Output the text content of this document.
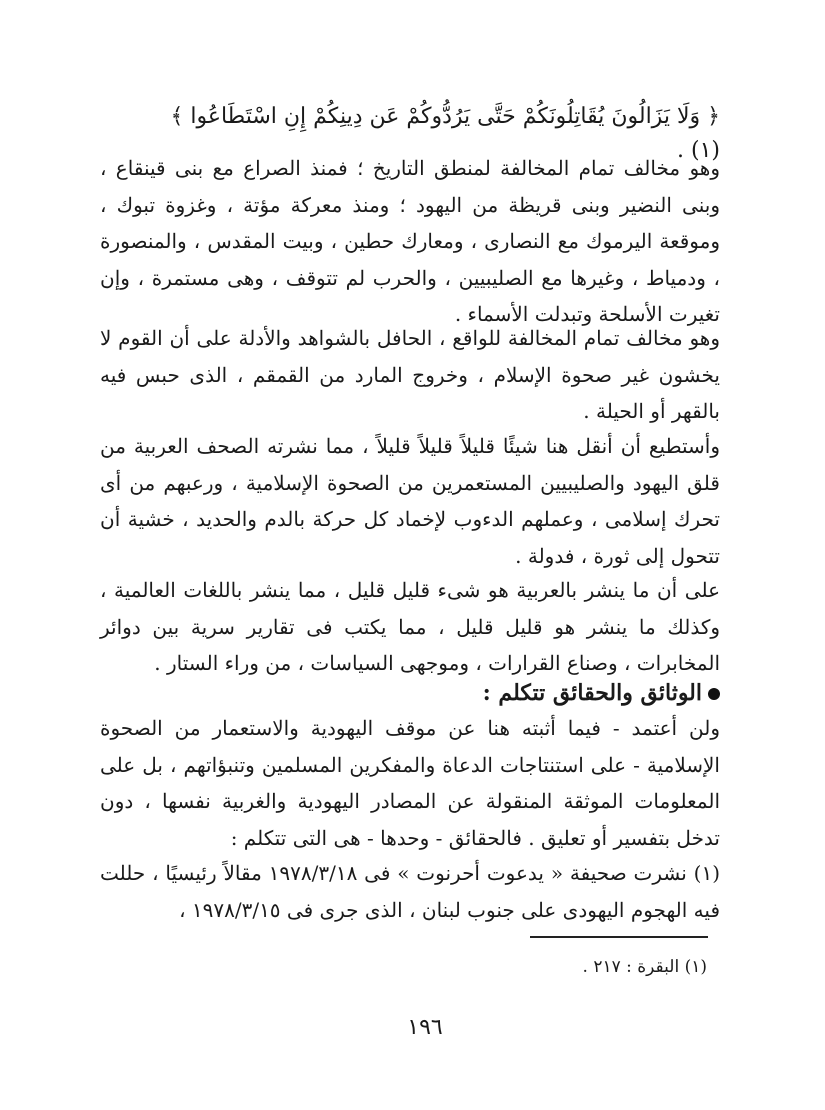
﴿ وَلَا يَزَالُونَ يُقَاتِلُونَكُمْ حَتَّى يَرُدُّوكُمْ عَن دِينِكُمْ إِنِ اسْتَطَاعُوا ﴾ (١) .
وهو مخالف تمام المخالفة لمنطق التاريخ ؛ فمنذ الصراع مع بنى قينقاع ، وبنى النضير وبنى قريظة من اليهود ؛ ومنذ معركة مؤتة ، وغزوة تبوك ، وموقعة اليرموك مع النصارى ، ومعارك حطين ، وبيت المقدس ، والمنصورة ، ودمياط ، وغيرها مع الصليبيين ، والحرب لم تتوقف ، وهى مستمرة ، وإن تغيرت الأسلحة وتبدلت الأسماء .
وهو مخالف تمام المخالفة للواقع ، الحافل بالشواهد والأدلة على أن القوم لا يخشون غير صحوة الإسلام ، وخروج المارد من القمقم ، الذى حبس فيه بالقهر أو الحيلة .
وأستطيع أن أنقل هنا شيئًا قليلاً قليلاً قليلاً ، مما نشرته الصحف العربية من قلق اليهود والصليبيين المستعمرين من الصحوة الإسلامية ، ورعبهم من أى تحرك إسلامى ، وعملهم الدءوب لإخماد كل حركة بالدم والحديد ، خشية أن تتحول إلى ثورة ، فدولة .
على أن ما ينشر بالعربية هو شىء قليل قليل ، مما ينشر باللغات العالمية ، وكذلك ما ينشر هو قليل قليل ، مما يكتب فى تقارير سرية بين دوائر المخابرات ، وصناع القرارات ، وموجهى السياسات ، من وراء الستار .
الوثائق والحقائق تتكلم :
ولن أعتمد - فيما أثبته هنا عن موقف اليهودية والاستعمار من الصحوة الإسلامية - على استنتاجات الدعاة والمفكرين المسلمين وتنبؤاتهم ، بل على المعلومات الموثقة المنقولة عن المصادر اليهودية والغربية نفسها ، دون تدخل بتفسير أو تعليق . فالحقائق - وحدها - هى التى تتكلم :
(١) نشرت صحيفة « يدعوت أحرنوت » فى ١٩٧٨/٣/١٨ مقالاً رئيسيًا ، حللت فيه الهجوم اليهودى على جنوب لبنان ، الذى جرى فى ١٩٧٨/٣/١٥ ،
(١) البقرة : ٢١٧ .
١٩٦
